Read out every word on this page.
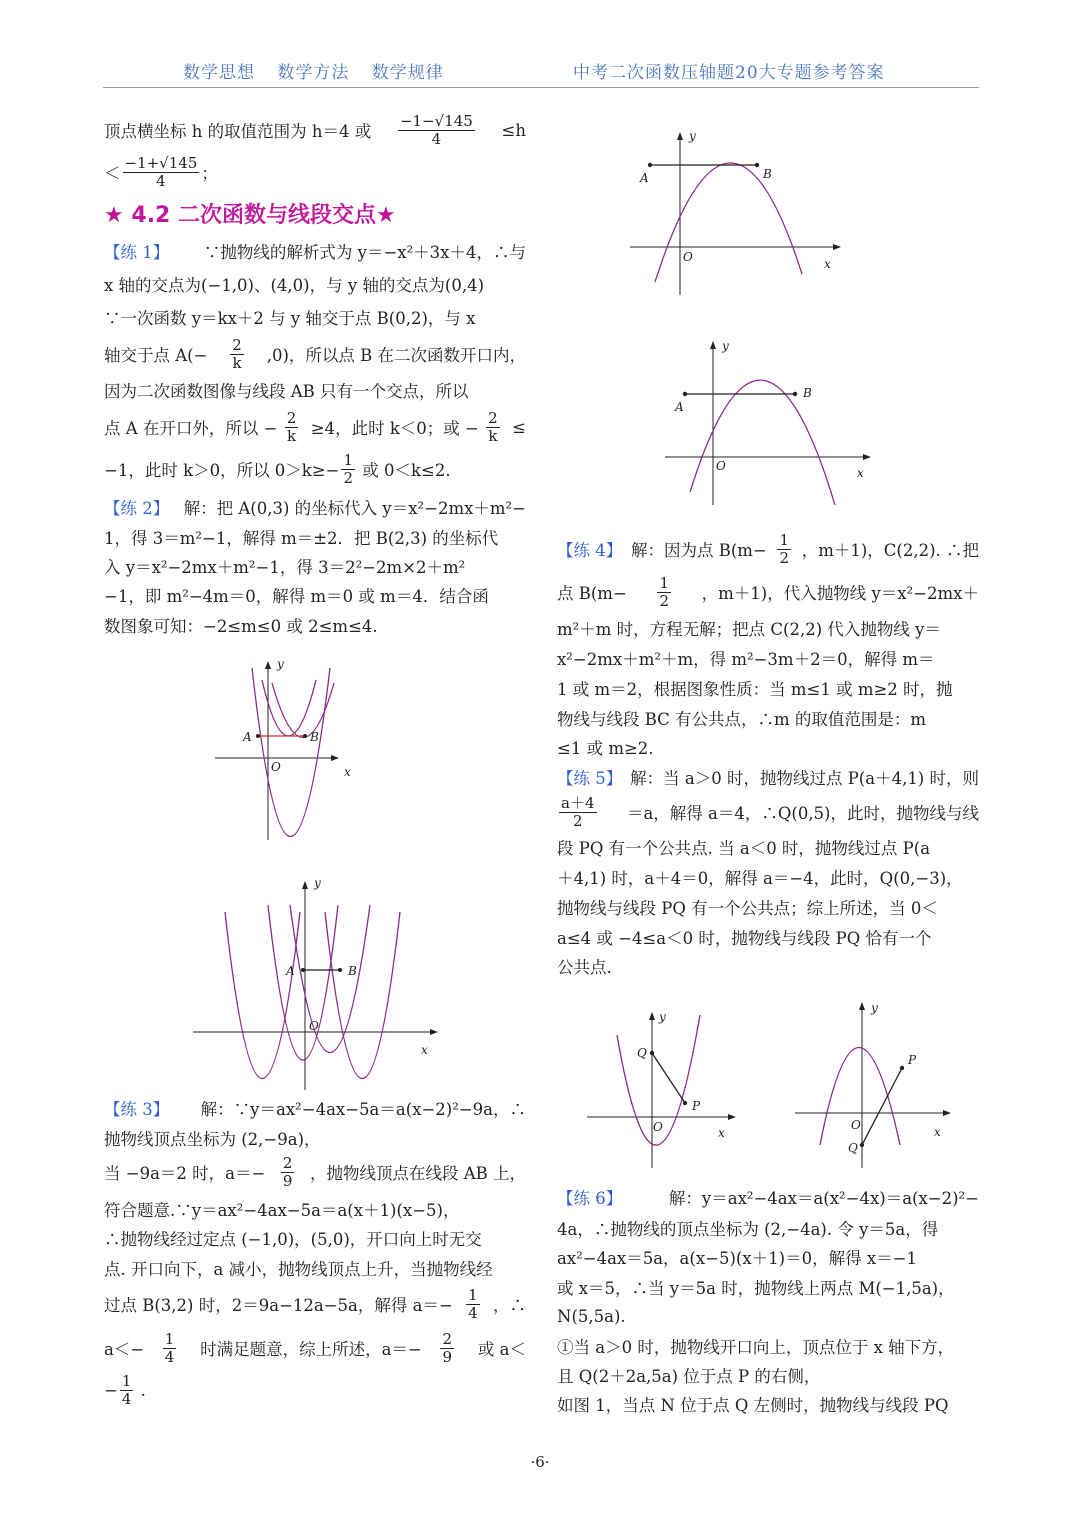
数学思想 数学方法 数学规律	中考二次函数压轴题20大专题参考答案
★ 4.2 二次函数与线段交点★
顶点横坐标 h 的取值范围为 h＝4 或 $\frac{-1-√145}{4} \le h$
＜ $\frac{-1+√145}{4}$ ；
【练 1】 ∵抛物线的解析式为 y＝−x²＋3x＋4，∴与
x 轴的交点为(−1,0)、(4,0)，与 y 轴的交点为(0,4)
∵一次函数 y＝kx＋2 与 y 轴交于点 B(0,2)，与 x
轴交于点 $A(- \frac{2}{k} ,0)$，所以点 B 在二次函数开口内，
因为二次函数图像与线段 AB 只有一个交点，所以
点 A 在开口外，所以 − $\frac{2}{k} \ge 4$，此时 k＜0；或 − $\frac{2}{k}$ ≤
−1，此时 k＞0，所以 $0>k\ge- \frac{1}{2}$ 或 0＜k≤2.
【练 2】 解：把 A(0,3) 的坐标代入 y＝x²−2mx＋m²−
1，得 3＝m²−1，解得 m＝±2．把 B(2,3) 的坐标代
入 y＝x²−2mx＋m²−1，得 3＝2²−2m×2＋m²
−1，即 m²−4m＝0，解得 m＝0 或 m＝4．结合函
数图象可知：−2≤m≤0 或 2≤m≤4.
【练 3】 解：∵y＝ax²−4ax−5a＝a(x−2)²−9a，∴
抛物线顶点坐标为 (2,−9a)，
当 −9a＝2 时，$a=- \frac{2}{9}$ ，抛物线顶点在线段 AB 上，
符合题意.∵y＝ax²−4ax−5a＝a(x＋1)(x−5)，
∴抛物线经过定点 (−1,0)，(5,0)，开口向上时无交
点. 开口向下，a 减小，抛物线顶点上升，当抛物线经
过点 B(3,2) 时，2＝9a−12a−5a，解得 $a=- \frac{1}{4}$ ，∴
$a<- \frac{1}{4}$ 时满足题意，综上所述，$a=- \frac{2}{9}$ 或 a＜
− $\frac{1}{4}$ .
【练 4】 解：因为点 $B(m- \frac{1}{2}$ ，m＋1)，C(2,2). ∴把
点 $B(m- \frac{1}{2}$ ，m＋1)，代入抛物线 y＝x²−2mx＋
m²＋m 时，方程无解；把点 C(2,2) 代入抛物线 y＝
x²−2mx＋m²＋m，得 m²−3m＋2＝0，解得 m＝
1 或 m＝2，根据图象性质：当 m≤1 或 m≥2 时，抛
物线与线段 BC 有公共点，∴m 的取值范围是：m
≤1 或 m≥2.
【练 5】 解：当 a＞0 时，抛物线过点 P(a＋4,1) 时，则
$\frac{a+4}{2} =a$，解得 a＝4，∴Q(0,5)，此时，抛物线与线
段 PQ 有一个公共点. 当 a＜0 时，抛物线过点 P(a
＋4,1) 时，a＋4＝0，解得 a＝−4，此时，Q(0,−3)，
抛物线与线段 PQ 有一个公共点；综上所述，当 0＜
a≤4 或 −4≤a＜0 时，抛物线与线段 PQ 恰有一个
公共点.
【练 6】	解：y＝ax²−4ax＝a(x²−4x)＝a(x−2)²−
4a，∴抛物线的顶点坐标为 (2,−4a). 令 y＝5a，得
ax²−4ax＝5a，a(x−5)(x＋1)＝0，解得 x＝−1
或 x＝5，∴当 y＝5a 时，抛物线上两点 M(−1,5a)，
N(5,5a).
①当 a＞0 时，抛物线开口向上，顶点位于 x 轴下方，
且 Q(2＋2a,5a) 位于点 P 的右侧，
如图 1，当点 N 位于点 Q 左侧时，抛物线与线段 PQ
A	B
O	x
y
A	B
O
x
y
A	B
O	x
y
A
B
O	x
y
Q
P
O	x
y
Q
P
O	x
y
·6·
